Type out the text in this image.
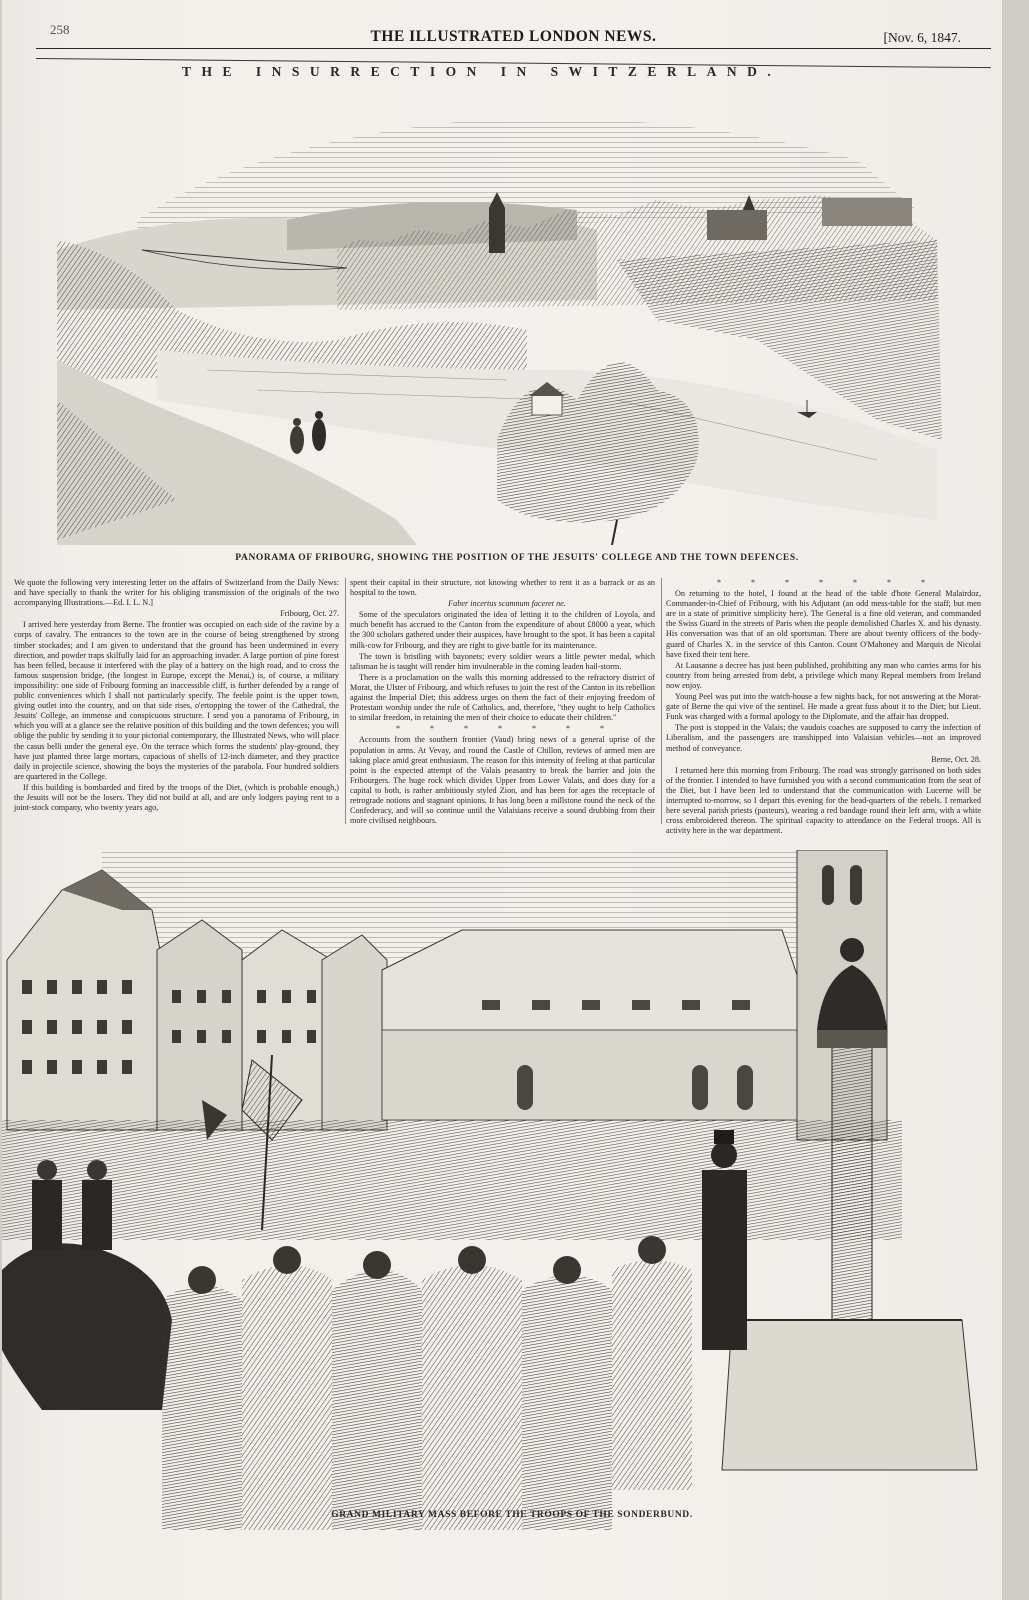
258	THE ILLUSTRATED LONDON NEWS.	[Nov. 6, 1847.
THE INSURRECTION IN SWITZERLAND.
PANORAMA OF FRIBOURG, SHOWING THE POSITION OF THE JESUITS' COLLEGE AND THE TOWN DEFENCES.

We quote the following very interesting letter on the affairs of Switzerland from the Daily News: and have specially to thank the writer for his obliging transmission of the originals of the two accompanying Illustrations.—Ed. I. L. N.]

Fribourg, Oct. 27.

I arrived here yesterday from Berne. The frontier was occupied on each side of the ravine by a corps of cavalry. The entrances to the town are in the course of being strengthened by strong timber stockades; and I am given to understand that the ground has been undermined in every direction, and powder traps skilfully laid for an approaching invader. A large portion of pine forest has been felled, because it interfered with the play of a battery on the high road, and to cross the famous suspension bridge, (the longest in Europe, except the Menai,) is, of course, a military impossibility: one side of Fribourg forming an inaccessible cliff, is further defended by a range of public conveniences which I shall not particularly specify. The feeble point is the upper town, giving outlet into the country, and on that side rises, o'ertopping the tower of the Cathedral, the Jesuits' College, an immense and conspicuous structure. I send you a panorama of Fribourg, in which you will at a glance see the relative position of this building and the town defences; you will oblige the public by sending it to your pictorial contemporary, the Illustrated News, who will place the casus belli under the general eye. On the terrace which forms the students' play-ground, they have just planted three large mortars, capacious of shells of 12-inch diameter, and they practice daily in projectile science, showing the boys the mysteries of the parabola. Four hundred soldiers are quartered in the College.

If this building is bombarded and fired by the troops of the Diet, (which is probable enough,) the Jesuits will not be the losers. They did not build at all, and are only lodgers paying rent to a joint-stock company, who twenty years ago,

spent their capital in their structure, not knowing whether to rent it as a barrack or as an hospital to the town.

Faber incertus scamnum faceret ne.

Some of the speculators originated the idea of letting it to the children of Loyola, and much benefit has accrued to the Canton from the expenditure of about £8000 a year, which the 300 scholars gathered under their auspices, have brought to the spot. It has been a capital milk-cow for Fribourg, and they are right to give battle for its maintenance.

The town is bristling with bayonets; every soldier wears a little pewter medal, which talisman he is taught will render him invulnerable in the coming leaden hail-storm.

There is a proclamation on the walls this morning addressed to the refractory district of Morat, the Ulster of Fribourg, and which refuses to join the rest of the Canton in its rebellion against the Imperial Diet; this address urges on them the fact of their enjoying freedom of Protestant worship under the rule of Catholics, and, therefore, "they ought to help Catholics to similar freedom, in retaining the men of their choice to educate their children."

* * * * * * *

Accounts from the southern frontier (Vaud) bring news of a general uprise of the population in arms. At Vevay, and round the Castle of Chillon, reviews of armed men are taking place amid great enthusiasm. The reason for this intensity of feeling at that particular point is the expected attempt of the Valais peasantry to break the barrier and join the Fribourgers. The huge rock which divides Upper from Lower Valais, and does duty for a capital to both, is rather ambitiously styled Zion, and has been for ages the receptacle of retrograde notions and stagnant opinions. It has long been a millstone round the neck of the Confederacy, and will so continue until the Valaisians receive a sound drubbing from their more civilised neighbours.

* * * * * * *

On returning to the hotel, I found at the head of the table d'hote General Malairdoz, Commander-in-Chief of Fribourg, with his Adjutant (an odd mess-table for the staff; but men are in a state of primitive simplicity here). The General is a fine old veteran, and commanded the Swiss Guard in the streets of Paris when the people demolished Charles X. and his dynasty. His conversation was that of an old sportsman. There are about twenty officers of the body-guard of Charles X. in the service of this Canton. Count O'Mahoney and Marquis de Nicolai have fixed their tent here.

At Lausanne a decree has just been published, prohibiting any man who carries arms for his country from being arrested from debt, a privilege which many Repeal members from Ireland now enjoy.

Young Peel was put into the watch-house a few nights back, for not answering at the Morat-gate of Berne the qui vive of the sentinel. He made a great fuss about it to the Diet; but Lieut. Funk was charged with a formal apology to the Diplomate, and the affair has dropped.

The post is stopped in the Valais; the vaudois coaches are supposed to carry the infection of Liberalism, and the passengers are transhipped into Valaisian vehicles—not an improved method of conveyance.

Berne, Oct. 28.

I returned here this morning from Fribourg. The road was strongly garrisoned on both sides of the frontier. I intended to have furnished you with a second communication from the seat of the Diet, but I have been led to understand that the communication with Lucerne will be interrupted to-morrow, so I depart this evening for the head-quarters of the rebels. I remarked here several parish priests (pasteurs), wearing a red bandage round their left arm, with a white cross embroidered thereon. The spiritual capacity to attendance on the Federal troops. All is activity here in the war department.

GRAND MILITARY MASS BEFORE THE TROOPS OF THE SONDERBUND.
